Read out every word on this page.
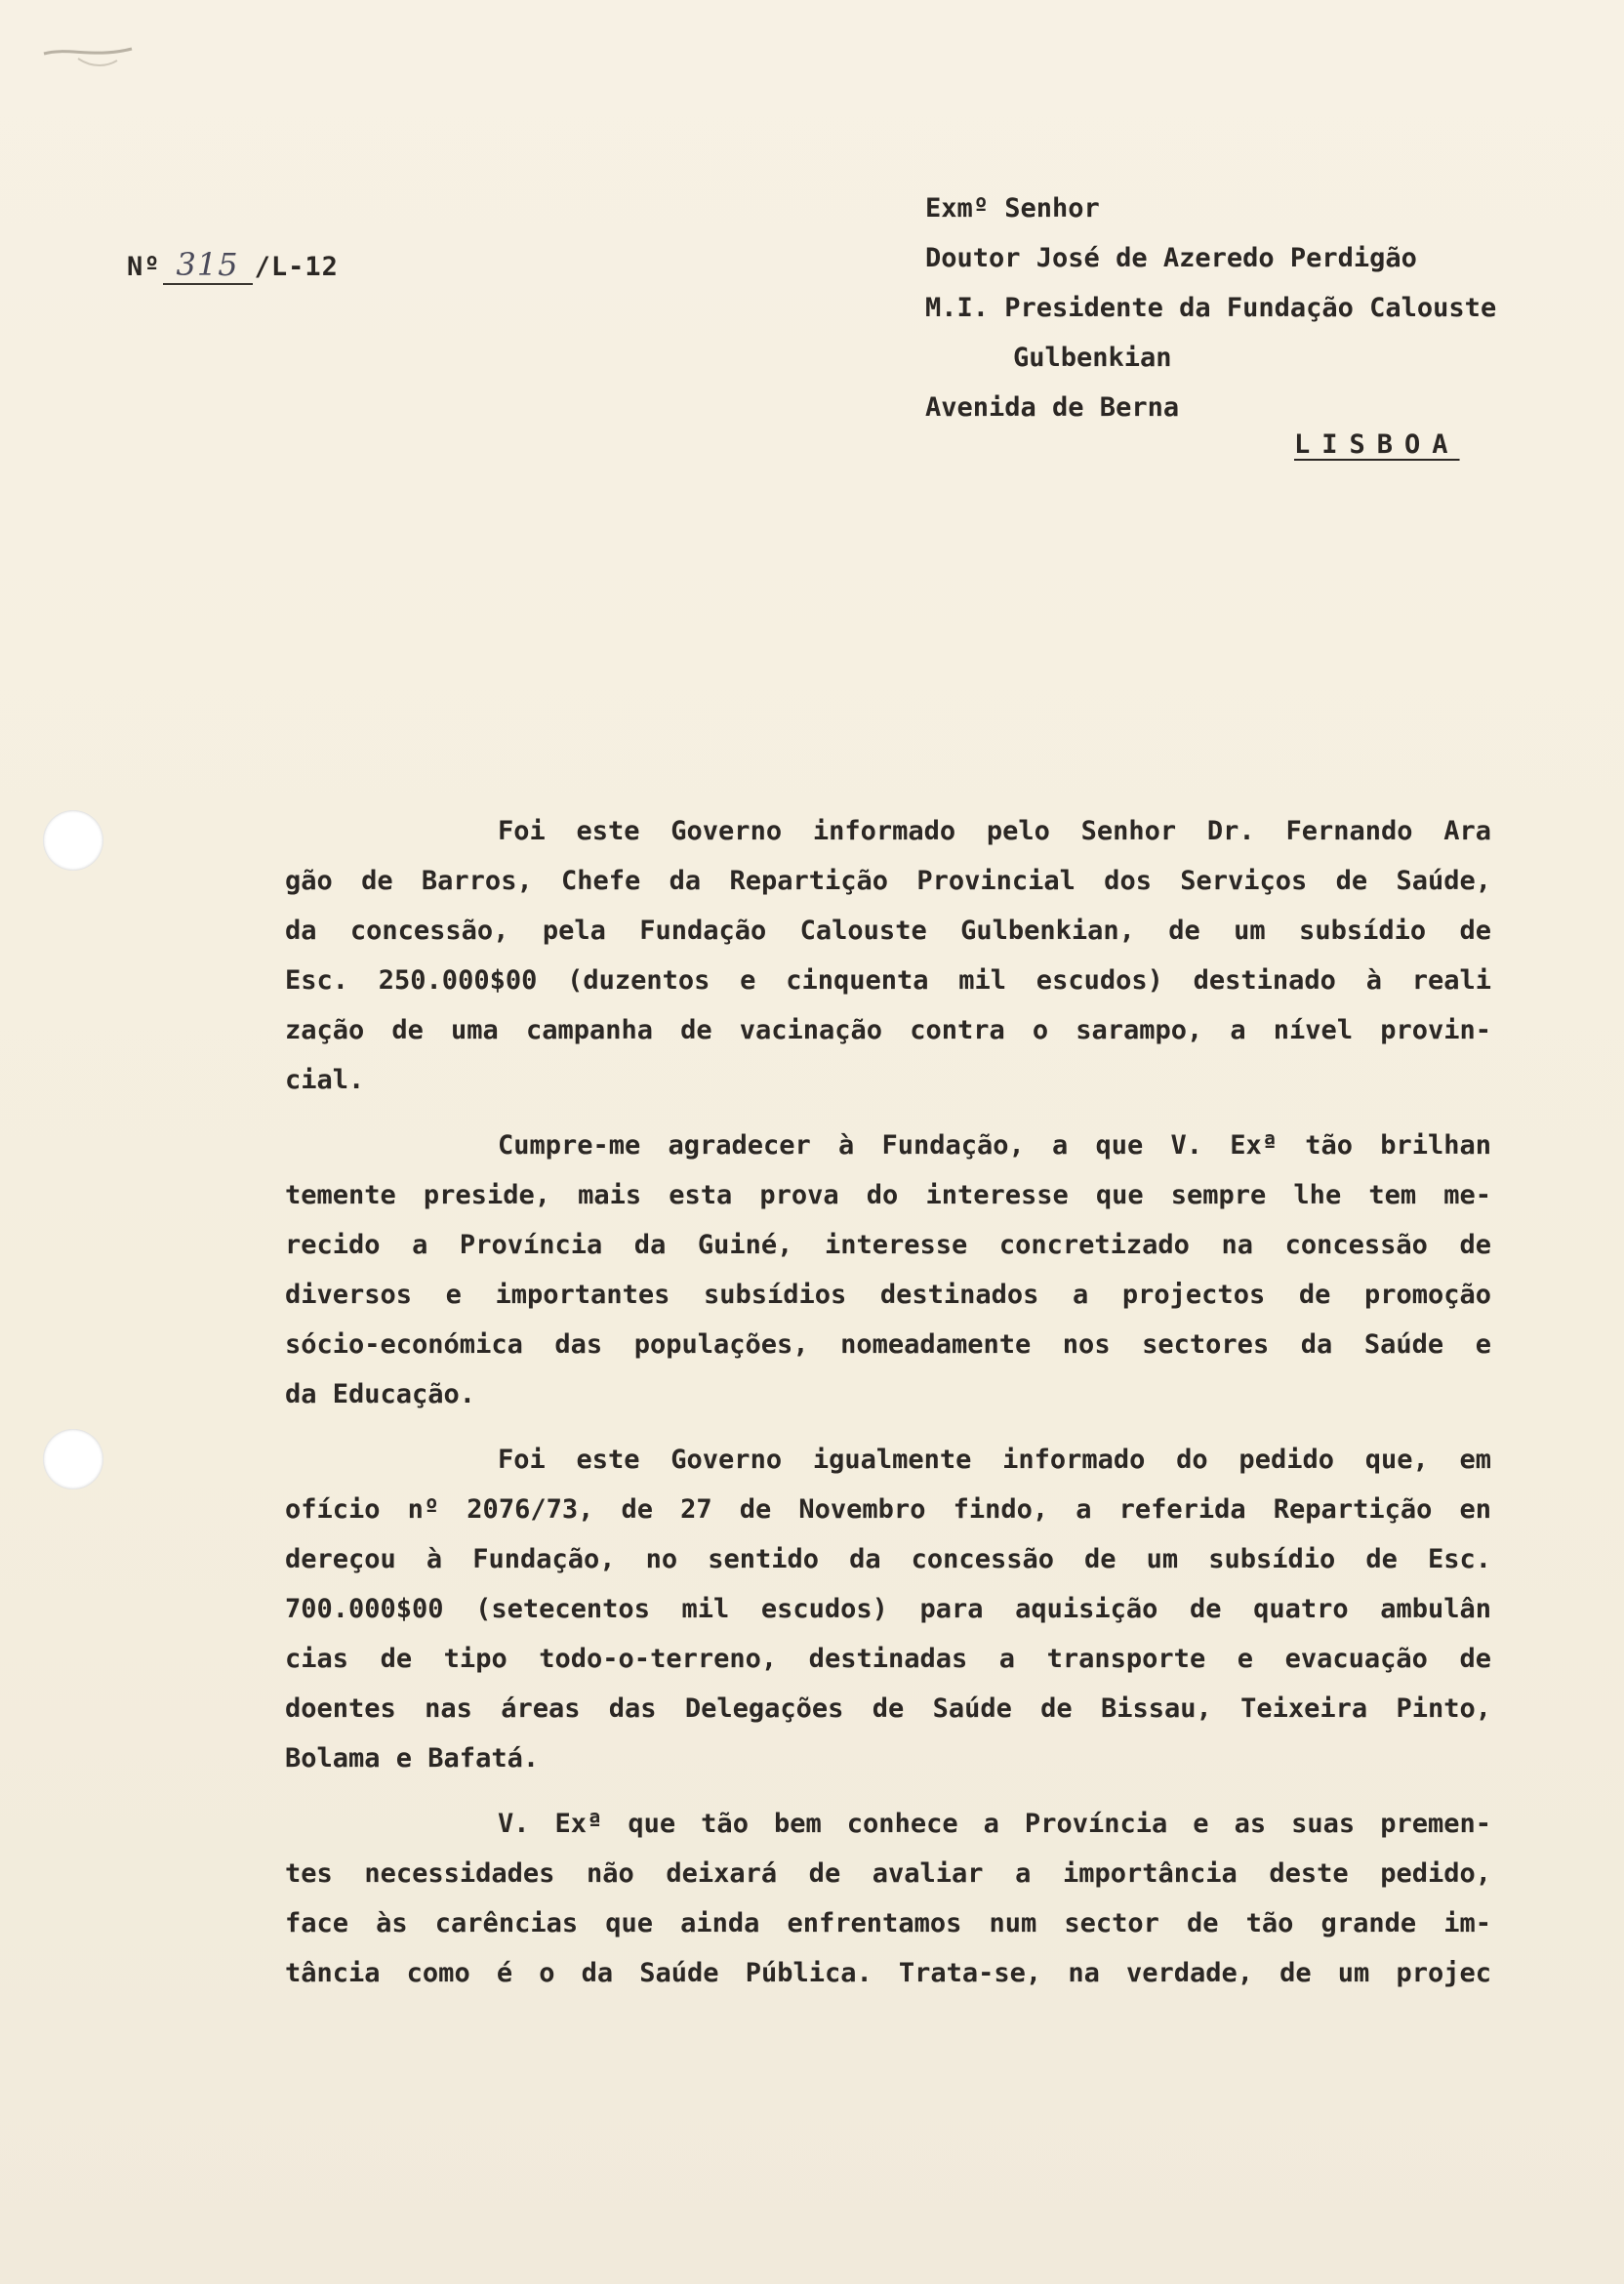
Nº 315 /L-12
Exmº Senhor
Doutor José de Azeredo Perdigão
M.I. Presidente da Fundação Calouste
Gulbenkian
Avenida de Berna
LISBOA
Foi este Governo informado pelo Senhor Dr. Fernando Ara
gão de Barros, Chefe da Repartição Provincial dos Serviços de Saúde,
da concessão, pela Fundação Calouste Gulbenkian, de um subsídio de
Esc. 250.000$00 (duzentos e cinquenta mil escudos) destinado à reali
zação de uma campanha de vacinação contra o sarampo, a nível provin-
cial.
Cumpre-me agradecer à Fundação, a que V. Exª tão brilhan
temente preside, mais esta prova do interesse que sempre lhe tem me-
recido a Província da Guiné, interesse concretizado na concessão de
diversos e importantes subsídios destinados a projectos de promoção
sócio-económica das populações, nomeadamente nos sectores da Saúde e
da Educação.
Foi este Governo igualmente informado do pedido que, em
ofício nº 2076/73, de 27 de Novembro findo, a referida Repartição en
dereçou à Fundação, no sentido da concessão de um subsídio de Esc.
700.000$00 (setecentos mil escudos) para aquisição de quatro ambulân
cias de tipo todo-o-terreno, destinadas a transporte e evacuação de
doentes nas áreas das Delegações de Saúde de Bissau, Teixeira Pinto,
Bolama e Bafatá.
V. Exª que tão bem conhece a Província e as suas premen-
tes necessidades não deixará de avaliar a importância deste pedido,
face às carências que ainda enfrentamos num sector de tão grande im-
tância como é o da Saúde Pública. Trata-se, na verdade, de um projec
